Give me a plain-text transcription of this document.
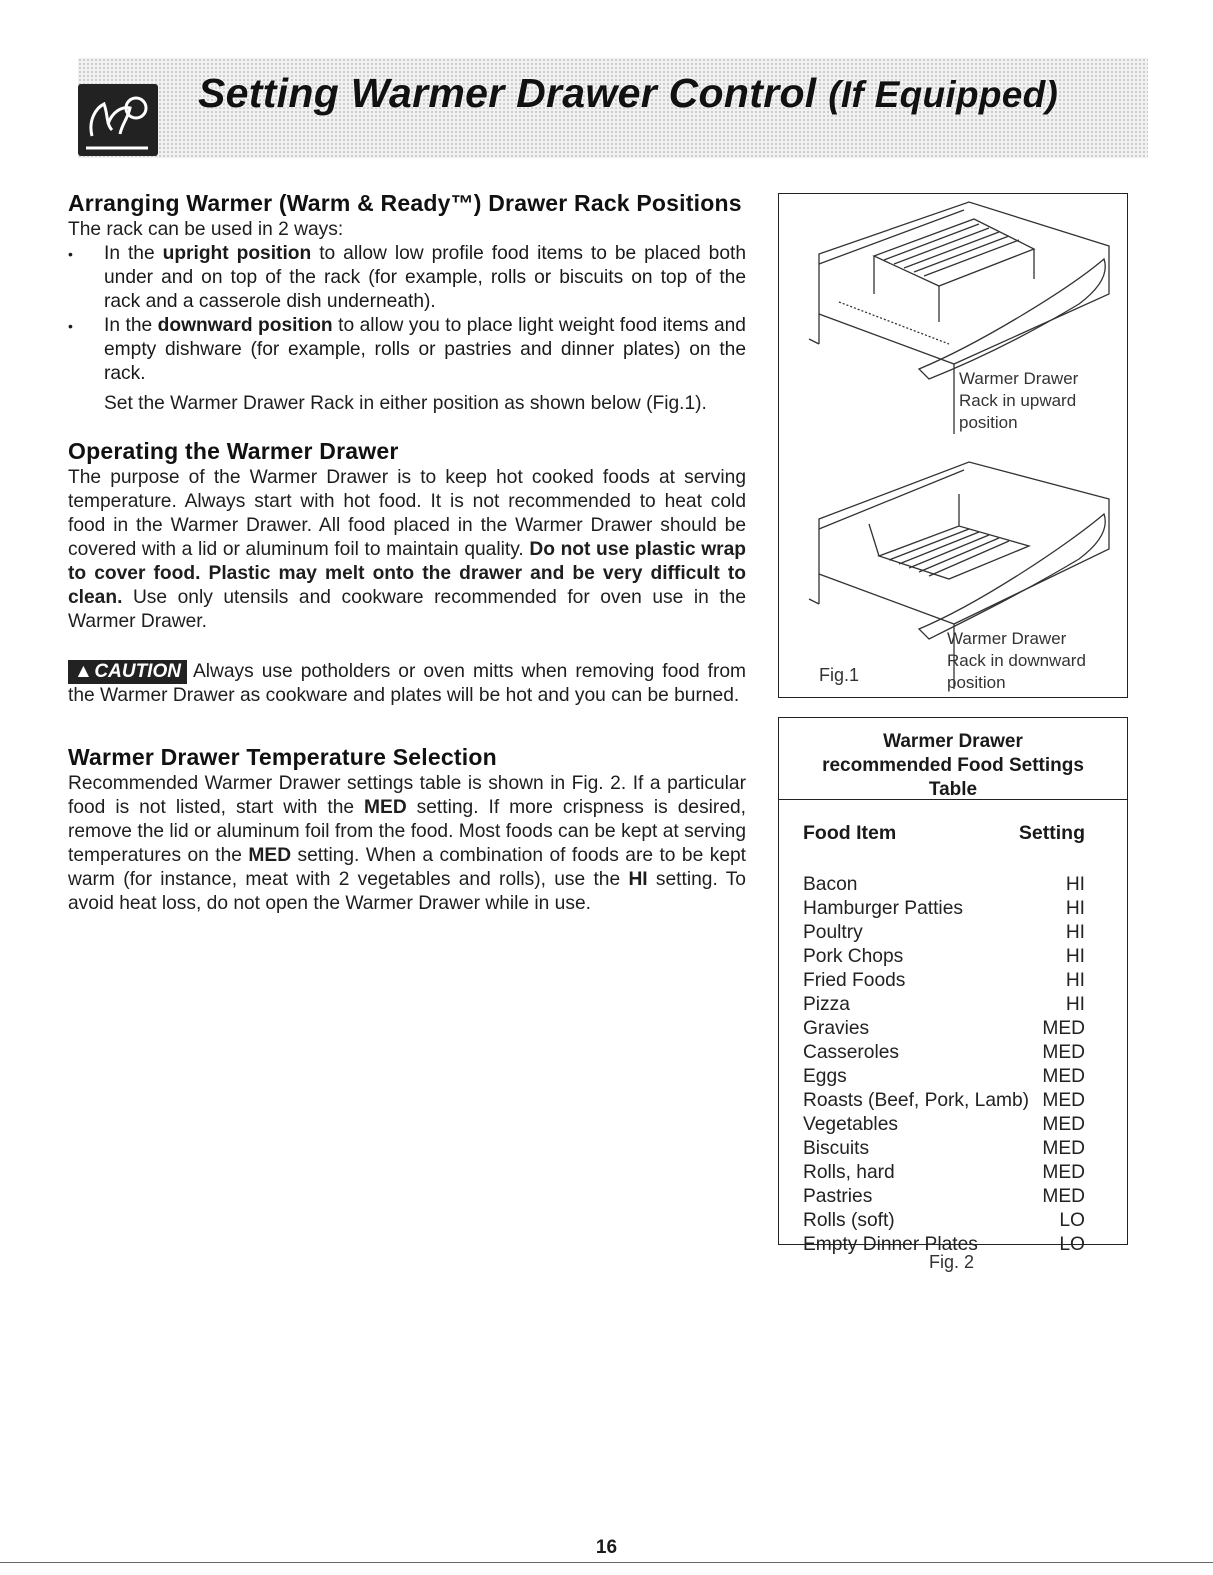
Setting Warmer Drawer Control (If Equipped)
Arranging Warmer (Warm & Ready™) Drawer Rack Positions

The rack can be used in 2 ways:

• In the upright position to allow low profile food items to be placed both under and on top of the rack (for example, rolls or biscuits on top of the rack and a casserole dish underneath).
• In the downward position to allow you to place light weight food items and empty dishware (for example, rolls or pastries and dinner plates) on the rack.

Set the Warmer Drawer Rack in either position as shown below (Fig.1).

Operating the Warmer Drawer

The purpose of the Warmer Drawer is to keep hot cooked foods at serving temperature. Always start with hot food. It is not recommended to heat cold food in the Warmer Drawer. All food placed in the Warmer Drawer should be covered with a lid or aluminum foil to maintain quality. Do not use plastic wrap to cover food. Plastic may melt onto the drawer and be very difficult to clean. Use only utensils and cookware recommended for oven use in the Warmer Drawer.

▲ CAUTION Always use potholders or oven mitts when removing food from the Warmer Drawer as cookware and plates will be hot and you can be burned.

Warmer Drawer Temperature Selection

Recommended Warmer Drawer settings table is shown in Fig. 2. If a particular food is not listed, start with the MED setting. If more crispness is desired, remove the lid or aluminum foil from the food. Most foods can be kept at serving temperatures on the MED setting. When a combination of foods are to be kept warm (for instance, meat with 2 vegetables and rolls), use the HI setting. To avoid heat loss, do not open the Warmer Drawer while in use.

Warmer Drawer
Rack in upward
position
Warmer Drawer
Rack in downward
position
Fig.1
Warmer Drawer
recommended Food Settings
Table
Food Item	Setting
Bacon	HI
Hamburger Patties	HI
Poultry	HI
Pork Chops	HI
Fried Foods	HI
Pizza	HI
Gravies	MED
Casseroles	MED
Eggs	MED
Roasts (Beef, Pork, Lamb) MED
Vegetables	MED
Biscuits	MED
Rolls, hard	MED
Pastries	MED
Rolls (soft)	LO
Empty Dinner Plates	LO
Fig. 2
16
